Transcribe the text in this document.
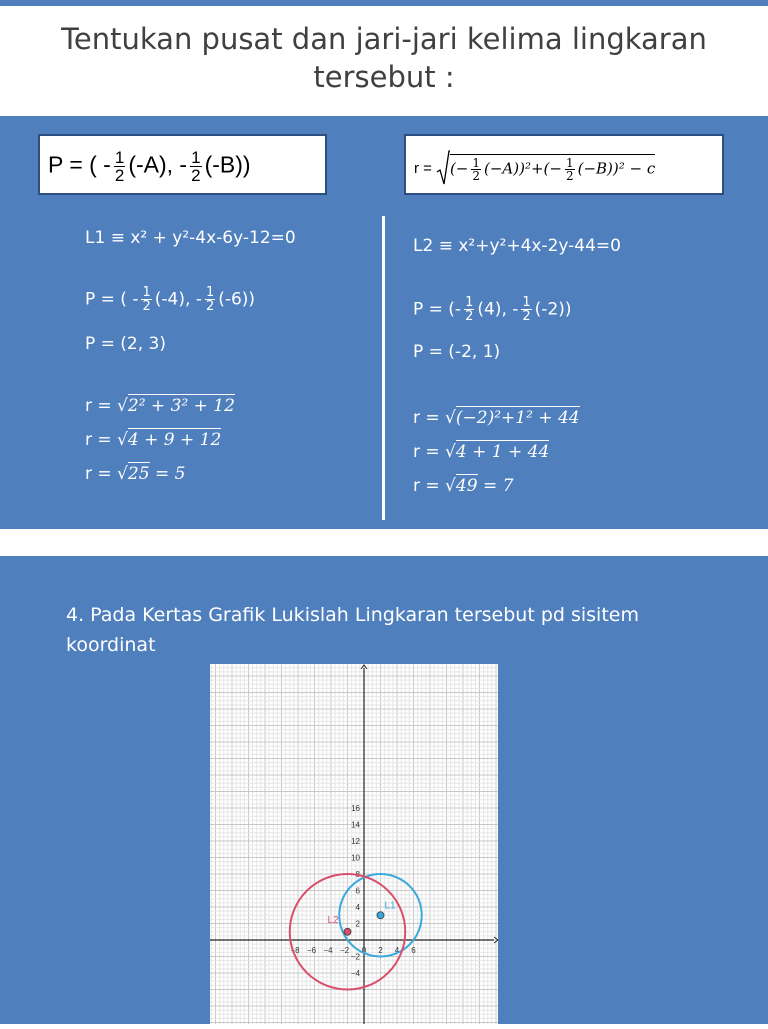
Tentukan pusat dan jari-jari kelima lingkaran tersebut :
P = ( - $\frac{1}{2} (-A)$, - $\frac{1}{2} (-B)$)	r = (− $\frac{1}{2} (-A))^2+(- \frac{1}{2} (-B))^2 - c$
L1 ≡ x² + y²-4x-6y-12=0
P = ( - $\frac{1}{2} (-4)$, - $\frac{1}{2} (-6)$)
P = (2, 3)
r = √2² + 3² + 12
r = √4 + 9 + 12
r = √25 = 5
L2 ≡ x²+y²+4x-2y-44=0
P = (- $\frac{1}{2} (4)$, - $\frac{1}{2} (-2)$)
P = (-2, 1)
r = √(−2)²+1² + 44
r = √4 + 1 + 44
r = √49 = 7
4. Pada Kertas Grafik Lukislah Lingkaran tersebut pd sisitem koordinat
−8 −6 −4 −2 0 2 4 6
16
14
12
10
8
6
4
2
−2
−4
L1
L2
